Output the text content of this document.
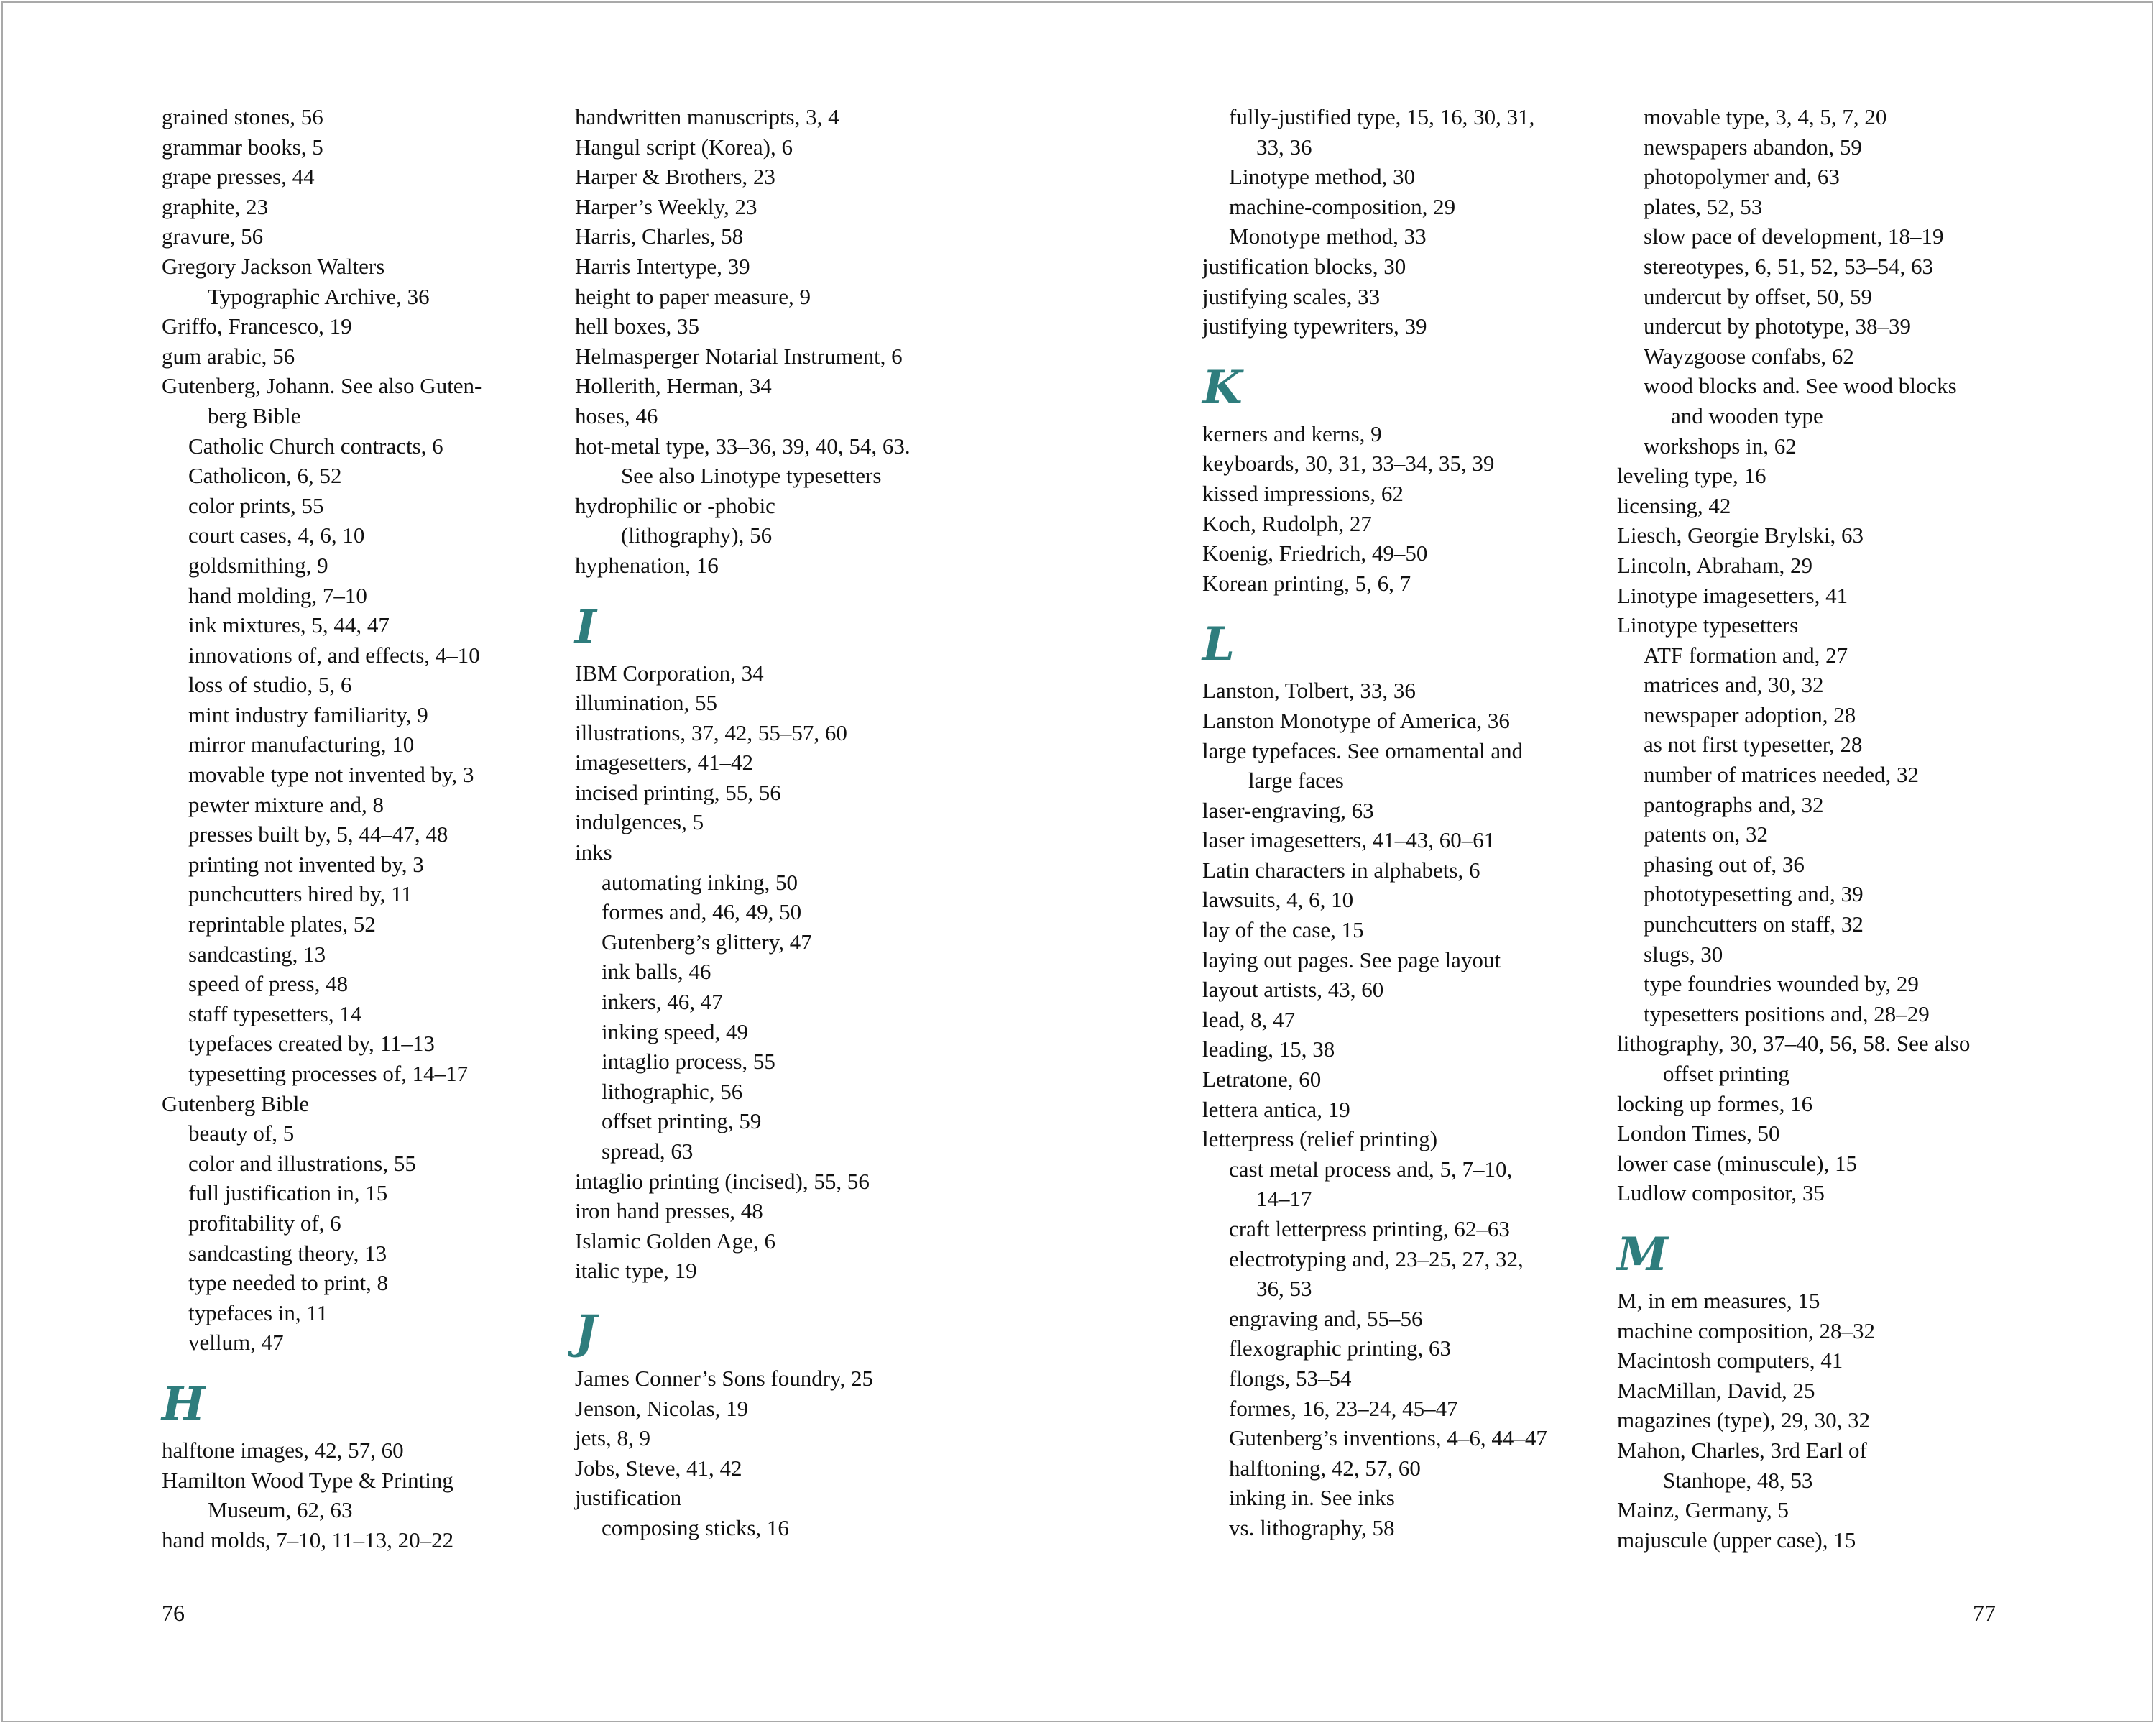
grained stones, 56
grammar books, 5
grape presses, 44
graphite, 23
gravure, 56
Gregory Jackson Walters
Typographic Archive, 36
Griffo, Francesco, 19
gum arabic, 56
Gutenberg, Johann. See also Guten-
berg Bible
Catholic Church contracts, 6
Catholicon, 6, 52
color prints, 55
court cases, 4, 6, 10
goldsmithing, 9
hand molding, 7–10
ink mixtures, 5, 44, 47
innovations of, and effects, 4–10
loss of studio, 5, 6
mint industry familiarity, 9
mirror manufacturing, 10
movable type not invented by, 3
pewter mixture and, 8
presses built by, 5, 44–47, 48
printing not invented by, 3
punchcutters hired by, 11
reprintable plates, 52
sandcasting, 13
speed of press, 48
staff typesetters, 14
typefaces created by, 11–13
typesetting processes of, 14–17
Gutenberg Bible
beauty of, 5
color and illustrations, 55
full justification in, 15
profitability of, 6
sandcasting theory, 13
type needed to print, 8
typefaces in, 11
vellum, 47
H
halftone images, 42, 57, 60
Hamilton Wood Type & Printing
Museum, 62, 63
hand molds, 7–10, 11–13, 20–22
handwritten manuscripts, 3, 4
Hangul script (Korea), 6
Harper & Brothers, 23
Harper’s Weekly, 23
Harris, Charles, 58
Harris Intertype, 39
height to paper measure, 9
hell boxes, 35
Helmasperger Notarial Instrument, 6
Hollerith, Herman, 34
hoses, 46
hot-metal type, 33–36, 39, 40, 54, 63.
See also Linotype typesetters
hydrophilic or -phobic
(lithography), 56
hyphenation, 16
I
IBM Corporation, 34
illumination, 55
illustrations, 37, 42, 55–57, 60
imagesetters, 41–42
incised printing, 55, 56
indulgences, 5
inks
automating inking, 50
formes and, 46, 49, 50
Gutenberg’s glittery, 47
ink balls, 46
inkers, 46, 47
inking speed, 49
intaglio process, 55
lithographic, 56
offset printing, 59
spread, 63
intaglio printing (incised), 55, 56
iron hand presses, 48
Islamic Golden Age, 6
italic type, 19
J
James Conner’s Sons foundry, 25
Jenson, Nicolas, 19
jets, 8, 9
Jobs, Steve, 41, 42
justification
composing sticks, 16
fully-justified type, 15, 16, 30, 31,
33, 36
Linotype method, 30
machine-composition, 29
Monotype method, 33
justification blocks, 30
justifying scales, 33
justifying typewriters, 39
K
kerners and kerns, 9
keyboards, 30, 31, 33–34, 35, 39
kissed impressions, 62
Koch, Rudolph, 27
Koenig, Friedrich, 49–50
Korean printing, 5, 6, 7
L
Lanston, Tolbert, 33, 36
Lanston Monotype of America, 36
large typefaces. See ornamental and
large faces
laser-engraving, 63
laser imagesetters, 41–43, 60–61
Latin characters in alphabets, 6
lawsuits, 4, 6, 10
lay of the case, 15
laying out pages. See page layout
layout artists, 43, 60
lead, 8, 47
leading, 15, 38
Letratone, 60
lettera antica, 19
letterpress (relief printing)
cast metal process and, 5, 7–10,
14–17
craft letterpress printing, 62–63
electrotyping and, 23–25, 27, 32,
36, 53
engraving and, 55–56
flexographic printing, 63
flongs, 53–54
formes, 16, 23–24, 45–47
Gutenberg’s inventions, 4–6, 44–47
halftoning, 42, 57, 60
inking in. See inks
vs. lithography, 58
movable type, 3, 4, 5, 7, 20
newspapers abandon, 59
photopolymer and, 63
plates, 52, 53
slow pace of development, 18–19
stereotypes, 6, 51, 52, 53–54, 63
undercut by offset, 50, 59
undercut by phototype, 38–39
Wayzgoose confabs, 62
wood blocks and. See wood blocks
and wooden type
workshops in, 62
leveling type, 16
licensing, 42
Liesch, Georgie Brylski, 63
Lincoln, Abraham, 29
Linotype imagesetters, 41
Linotype typesetters
ATF formation and, 27
matrices and, 30, 32
newspaper adoption, 28
as not first typesetter, 28
number of matrices needed, 32
pantographs and, 32
patents on, 32
phasing out of, 36
phototypesetting and, 39
punchcutters on staff, 32
slugs, 30
type foundries wounded by, 29
typesetters positions and, 28–29
lithography, 30, 37–40, 56, 58. See also
offset printing
locking up formes, 16
London Times, 50
lower case (minuscule), 15
Ludlow compositor, 35
M
M, in em measures, 15
machine composition, 28–32
Macintosh computers, 41
MacMillan, David, 25
magazines (type), 29, 30, 32
Mahon, Charles, 3rd Earl of
Stanhope, 48, 53
Mainz, Germany, 5
majuscule (upper case), 15
76	77
